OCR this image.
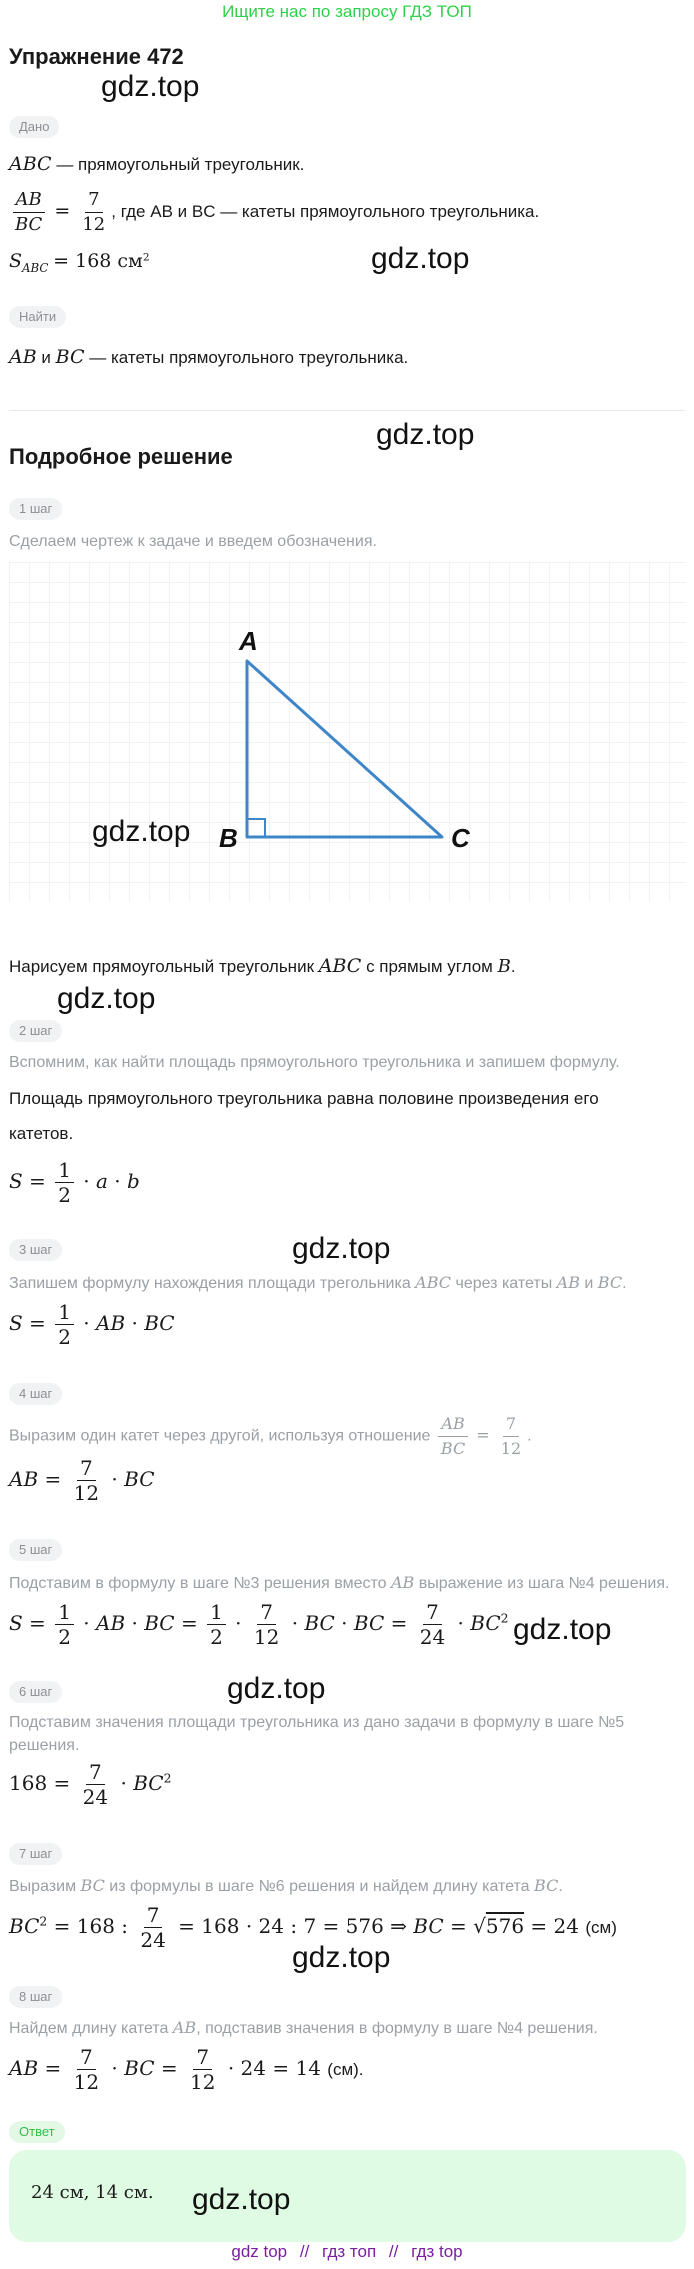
Ищите нас по запросу ГДЗ ТОП
Упражнение 472
gdz.top
Дано
ABC — прямоугольный треугольник.
$\frac{AB}{BC} = \frac{7}{12}$ , где AB и BC — катеты прямоугольного треугольника.
$S_{ABC} = 168$ $см^2$	gdz.top
Найти
AB и BC — катеты прямоугольного треугольника.
gdz.top
Подробное решение
1 шаг
Сделаем чертеж к задаче и введем обозначения.
A
B	C
gdz.top
Нарисуем прямоугольный треугольник ABC с прямым углом B.
gdz.top
2 шаг
Вспомним, как найти площадь прямоугольного треугольника и запишем формулу.
Площадь прямоугольного треугольника равна половине произведения его
катетов.
$S = \frac{1}{2} \cdot a \cdot b$
3 шаг	gdz.top
Запишем формулу нахождения площади трегольника ABC через катеты AB и BC.
$S = \frac{1}{2}$ · AB · BC
4 шаг
Выразим один катет через другой, используя отношение $\frac{AB}{BC} = \frac{7}{12}$ .
AB = $\frac{7}{12}$ · BC
5 шаг
Подставим в формулу в шаге №3 решения вместо AB выражение из шага №4 решения.
$S = \frac{1}{2}$ · AB · BC = $\frac{1}{2} \cdot \frac{7}{12}$ · BC · BC = $\frac{7}{24} \cdot BC^2$ gdz.top
6 шаг	gdz.top
Подставим значения площади треугольника из дано задачи в формулу в шаге №5
решения.
$168 = \frac{7}{24} \cdot BC^2$
7 шаг
Выразим BC из формулы в шаге №6 решения и найдем длину катета BC.
$BC^2 = 168$ : $\frac{7}{24} = 168 \cdot 24$ : 7 = 576 ⇒ BC = √576 = 24 (см)
gdz.top
8 шаг
Найдем длину катета AB, подставив значения в формулу в шаге №4 решения.
AB = $\frac{7}{12}$ · BC = $\frac{7}{12} \cdot 24 = 14$ (см).
Ответ
24 см, 14 см. gdz.top
gdz top // гдз топ // гдз top
